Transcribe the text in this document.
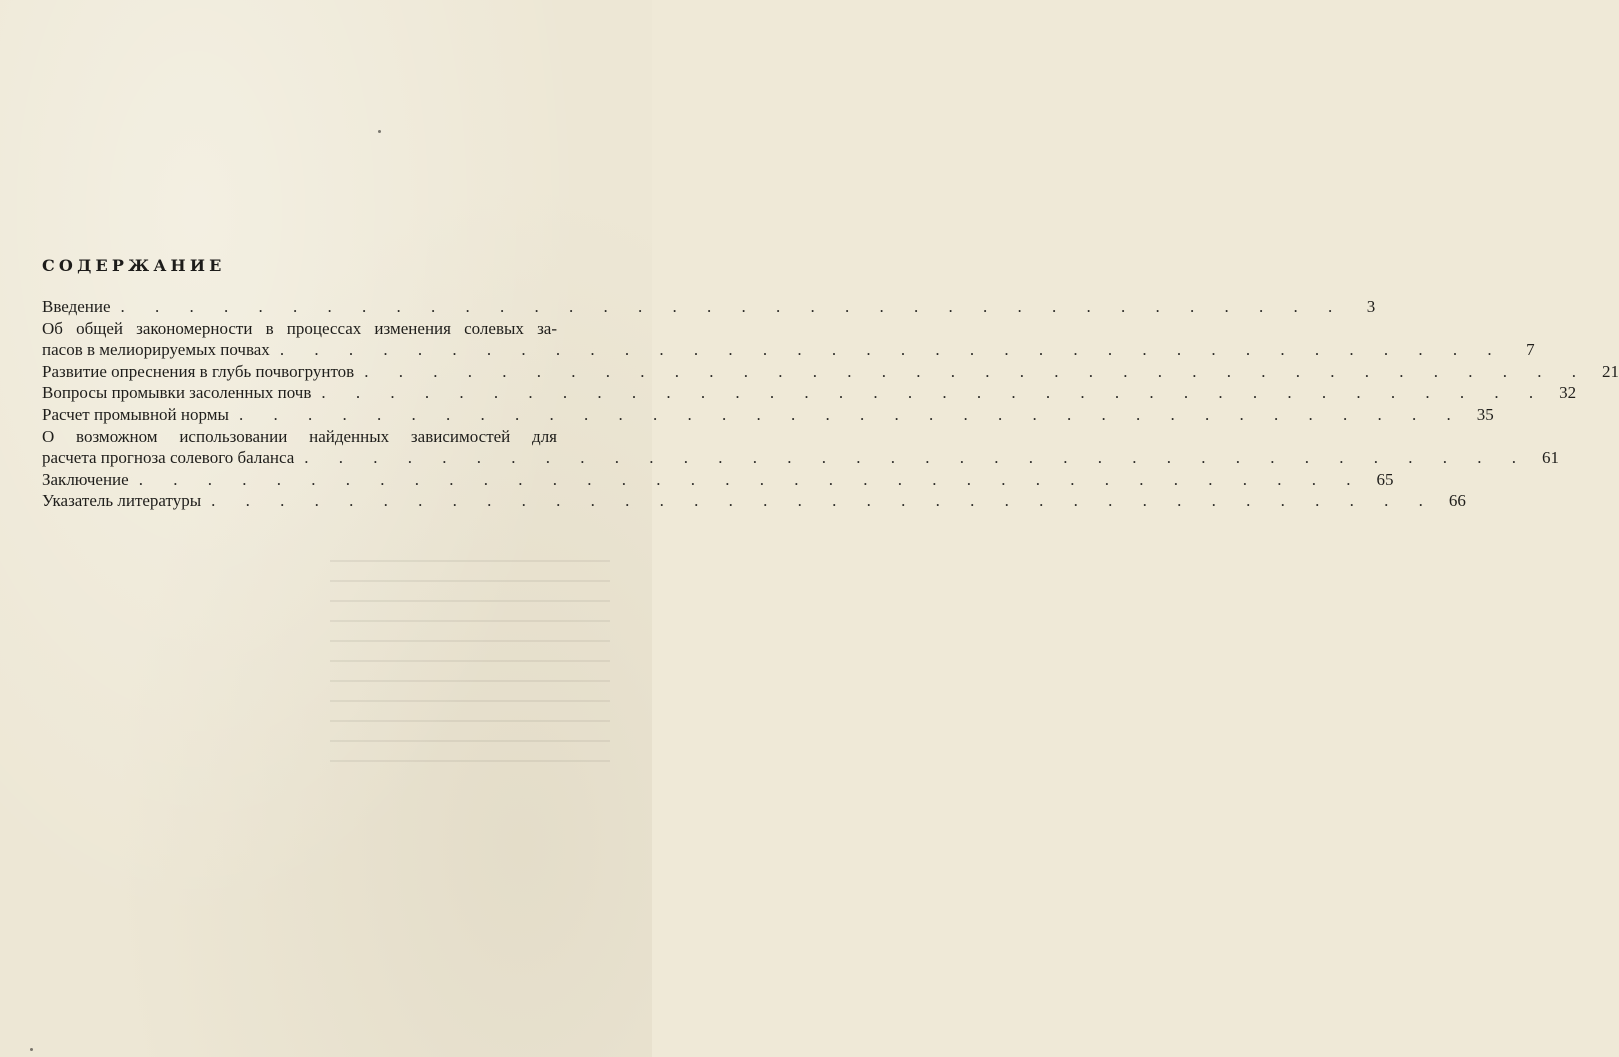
СОДЕРЖАНИЕ
Введение . . . . . . . . . . . . . . . . . . . . . . . . . . . . . . . . . . . .	3
Об общей закономерности в процессах изменения солевых за-
пасов в мелиорируемых почвах . . . . . . . . . . . . . . . . . . . . . . . . . . . . . . . . . . . .	7
Развитие опреснения в глубь почвогрунтов . . . . . . . . . . . . . . . . . . . . . . . . . . . . . . . . . . . . 21
Вопросы промывки засоленных почв . . . . . . . . . . . . . . . . . . . . . . . . . . . . . . . . . . . . 32
Расчет промывной нормы . . . . . . . . . . . . . . . . . . . . . . . . . . . . . . . . . . . . 35
О возможном использовании найденных зависимостей для
расчета прогноза солевого баланса . . . . . . . . . . . . . . . . . . . . . . . . . . . . . . . . . . . . 61
Заключение . . . . . . . . . . . . . . . . . . . . . . . . . . . . . . . . . . . . 65
Указатель литературы . . . . . . . . . . . . . . . . . . . . . . . . . . . . . . . . . . . . 66
